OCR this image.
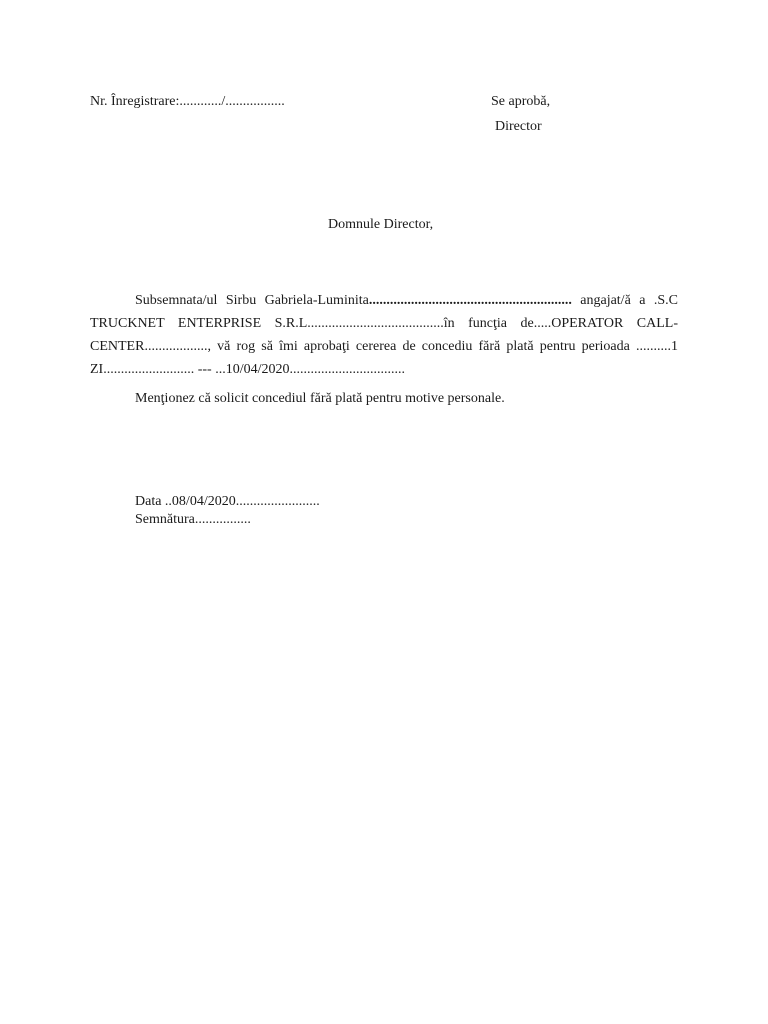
Nr. Înregistrare:............/.................	Se aprobă,
Director
Domnule Director,
Subsemnata/ul Sirbu Gabriela-Luminita.......................................................... angajat/ă a .S.C TRUCKNET ENTERPRISE S.R.L.......................................în funcţia de.....OPERATOR CALL-CENTER.................., vă rog să îmi aprobaţi cererea de concediu fără plată pentru perioada ..........1 ZI.......................... --- ...10/04/2020.................................
Menţionez că solicit concediul fără plată pentru motive personale.
Data ..08/04/2020........................
Semnătura................
